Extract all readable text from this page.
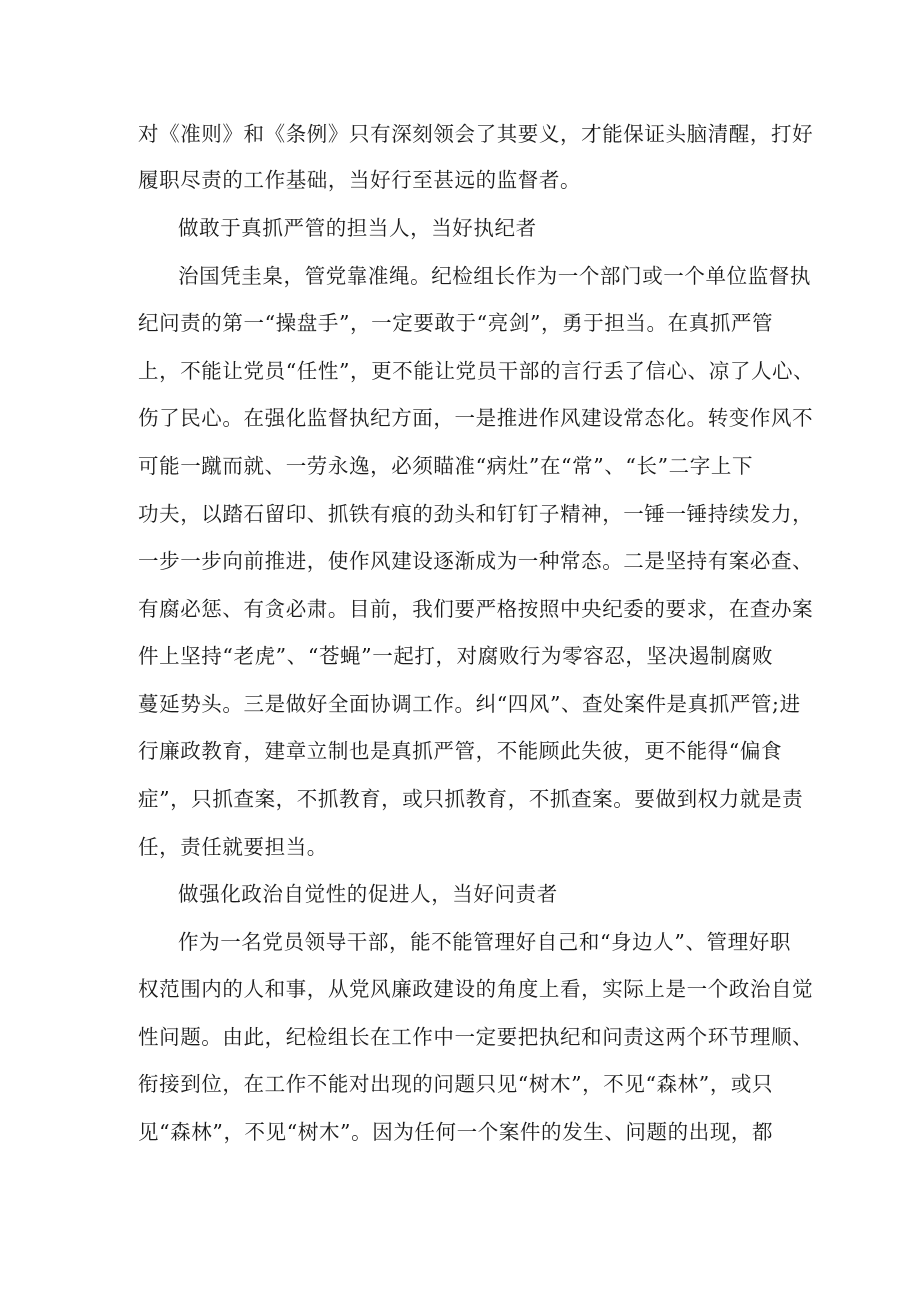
对《准则》和《条例》只有深刻领会了其要义，才能保证头脑清醒，打好
履职尽责的工作基础，当好行至甚远的监督者。
做敢于真抓严管的担当人，当好执纪者
治国凭圭臬，管党靠准绳。纪检组长作为一个部门或一个单位监督执
纪问责的第一“操盘手”，一定要敢于“亮剑”，勇于担当。在真抓严管
上，不能让党员“任性”，更不能让党员干部的言行丢了信心、凉了人心、
伤了民心。在强化监督执纪方面，一是推进作风建设常态化。转变作风不
可能一蹴而就、一劳永逸，必须瞄准“病灶”在“常”、“长”二字上下
功夫，以踏石留印、抓铁有痕的劲头和钉钉子精神，一锤一锤持续发力，
一步一步向前推进，使作风建设逐渐成为一种常态。二是坚持有案必查、
有腐必惩、有贪必肃。目前，我们要严格按照中央纪委的要求，在查办案
件上坚持“老虎”、“苍蝇”一起打，对腐败行为零容忍，坚决遏制腐败
蔓延势头。三是做好全面协调工作。纠“四风”、查处案件是真抓严管;进
行廉政教育，建章立制也是真抓严管，不能顾此失彼，更不能得“偏食
症”，只抓查案，不抓教育，或只抓教育，不抓查案。要做到权力就是责
任，责任就要担当。
做强化政治自觉性的促进人，当好问责者
作为一名党员领导干部，能不能管理好自己和“身边人”、管理好职
权范围内的人和事，从党风廉政建设的角度上看，实际上是一个政治自觉
性问题。由此，纪检组长在工作中一定要把执纪和问责这两个环节理顺、
衔接到位，在工作不能对出现的问题只见“树木”，不见“森林”，或只
见“森林”，不见“树木”。因为任何一个案件的发生、问题的出现，都
